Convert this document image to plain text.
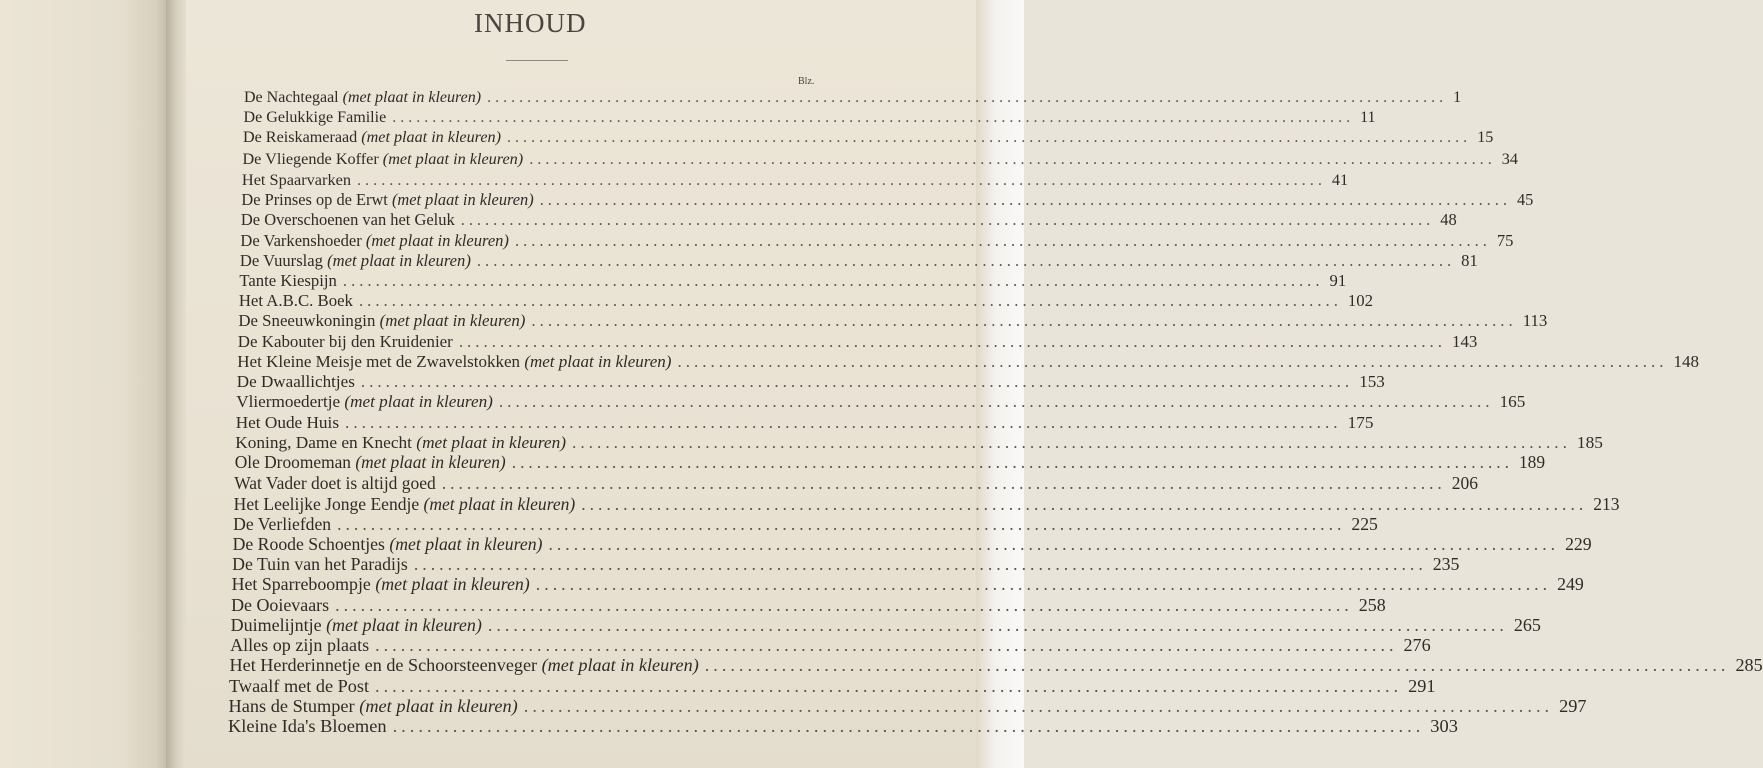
INHOUD
Blz.
De Nachtegaal (met plaat in kleuren) ........................................................................................................................ 1
De Gelukkige Familie ........................................................................................................................ 11
De Reiskameraad (met plaat in kleuren) ........................................................................................................................ 15
De Vliegende Koffer (met plaat in kleuren) ........................................................................................................................ 34
Het Spaarvarken ........................................................................................................................ 41
De Prinses op de Erwt (met plaat in kleuren) ........................................................................................................................ 45
De Overschoenen van het Geluk ........................................................................................................................ 48
De Varkenshoeder (met plaat in kleuren) ........................................................................................................................ 75
De Vuurslag (met plaat in kleuren) ........................................................................................................................ 81
Tante Kiespijn ........................................................................................................................ 91
Het A.B.C. Boek ........................................................................................................................ 102
De Sneeuwkoningin (met plaat in kleuren) ........................................................................................................................ 113
De Kabouter bij den Kruidenier ........................................................................................................................ 143
Het Kleine Meisje met de Zwavelstokken (met plaat in kleuren) ........................................................................................................................ 148
De Dwaallichtjes ........................................................................................................................ 153
Vliermoedertje (met plaat in kleuren) ........................................................................................................................ 165
Het Oude Huis ........................................................................................................................ 175
Koning, Dame en Knecht (met plaat in kleuren) ........................................................................................................................ 185
Ole Droomeman (met plaat in kleuren) ........................................................................................................................ 189
Wat Vader doet is altijd goed ........................................................................................................................ 206
Het Leelijke Jonge Eendje (met plaat in kleuren) ........................................................................................................................ 213
De Verliefden ........................................................................................................................ 225
De Roode Schoentjes (met plaat in kleuren) ........................................................................................................................ 229
De Tuin van het Paradijs ........................................................................................................................ 235
Het Sparreboompje (met plaat in kleuren) ........................................................................................................................ 249
De Ooievaars ........................................................................................................................ 258
Duimelijntje (met plaat in kleuren) ........................................................................................................................ 265
Alles op zijn plaats ........................................................................................................................ 276
Het Herderinnetje en de Schoorsteenveger (met plaat in kleuren) ........................................................................................................................ 285
Twaalf met de Post ........................................................................................................................ 291
Hans de Stumper (met plaat in kleuren) ........................................................................................................................ 297
Kleine Ida's Bloemen ........................................................................................................................ 303
